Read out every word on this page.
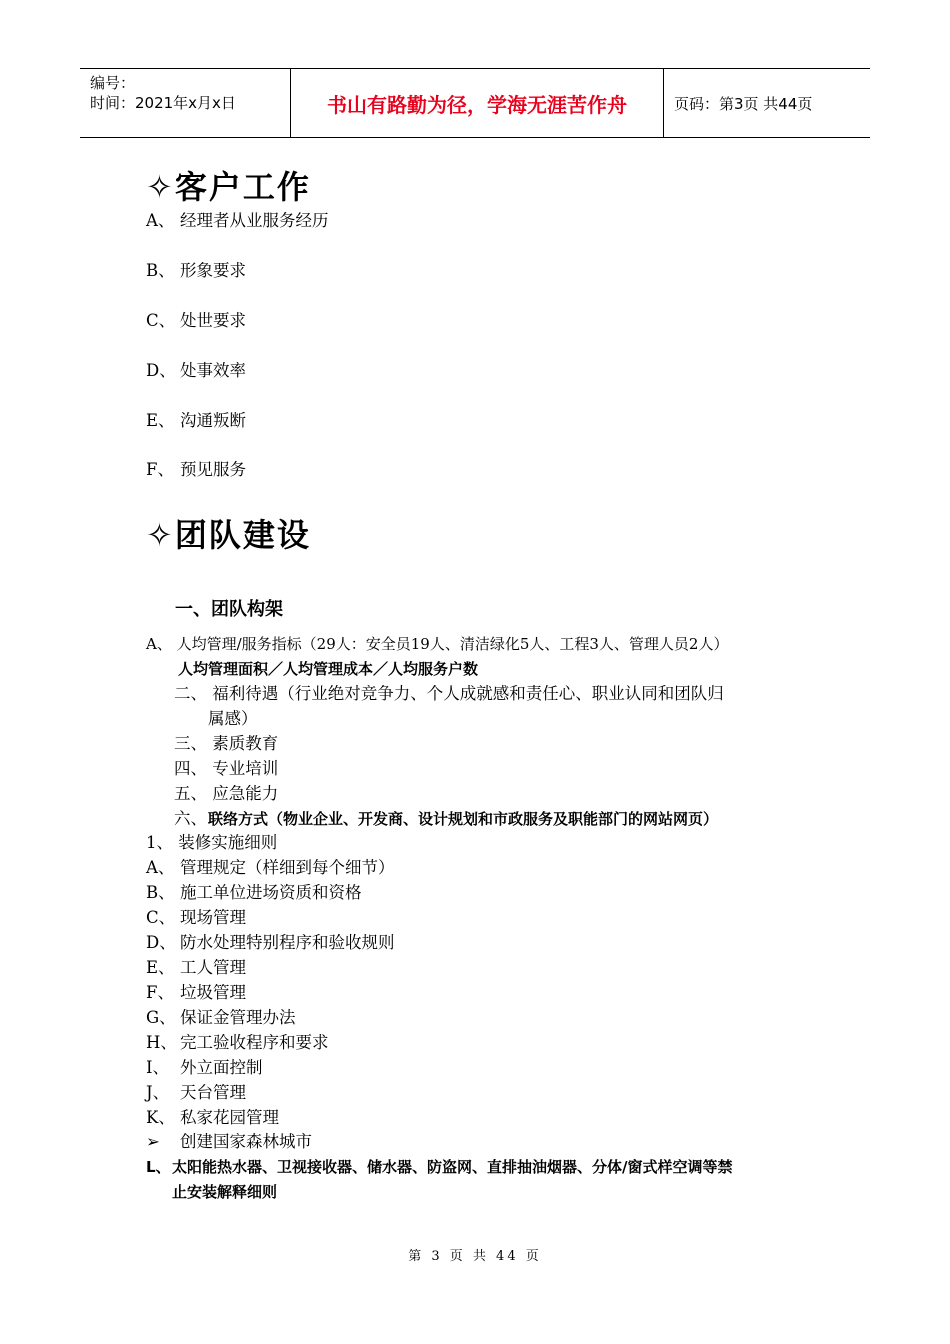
编号：
时间：2021年x月x日	书山有路勤为径，学海无涯苦作舟	页码：第3页 共44页
✧客户工作
A、 经理者从业服务经历
B、 形象要求
C、 处世要求
D、 处事效率
E、 沟通叛断
F、 预见服务
✧团队建设
一、团队构架
A、 人均管理/服务指标（29人：安全员19人、清洁绿化5人、工程3人、管理人员2人）
人均管理面积／人均管理成本／人均服务户数
二、 福利待遇（行业绝对竞争力、个人成就感和责任心、职业认同和团队归
属感）
三、 素质教育
四、 专业培训
五、 应急能力
六、联络方式（物业企业、开发商、设计规划和市政服务及职能部门的网站网页）
1、 装修实施细则
A、 管理规定（样细到每个细节）
B、 施工单位进场资质和资格
C、 现场管理
D、 防水处理特别程序和验收规则
E、 工人管理
F、 垃圾管理
G、 保证金管理办法
H、 完工验收程序和要求
I、 外立面控制
J、 天台管理
K、 私家花园管理
➢ 创建国家森林城市
L、太阳能热水器、卫视接收器、储水器、防盗网、直排抽油烟器、分体/窗式样空调等禁
止安装解释细则
第 3 页 共 44 页
